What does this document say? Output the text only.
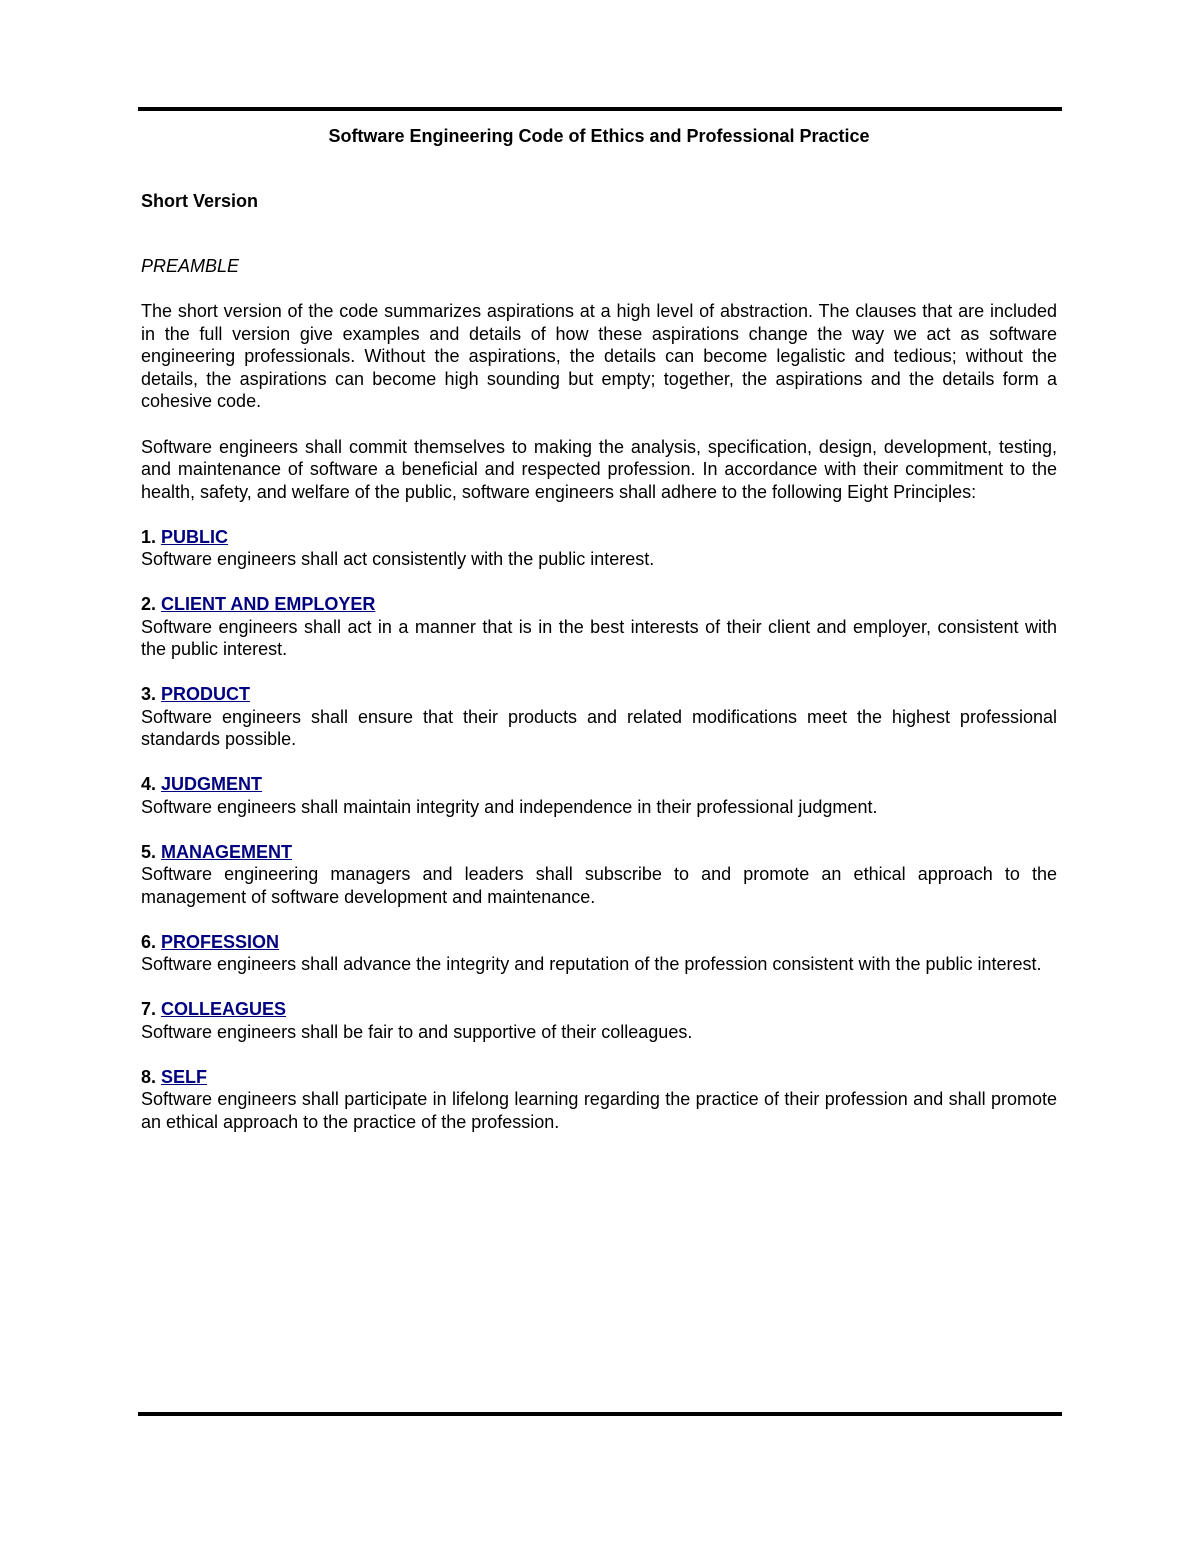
Software Engineering Code of Ethics and Professional Practice
Short Version
PREAMBLE
The short version of the code summarizes aspirations at a high level of abstraction. The clauses that are included in the full version give examples and details of how these aspirations change the way we act as software engineering professionals. Without the aspirations, the details can become legalistic and tedious; without the details, the aspirations can become high sounding but empty; together, the aspirations and the details form a cohesive code.
Software engineers shall commit themselves to making the analysis, specification, design, development, testing, and maintenance of software a beneficial and respected profession. In accordance with their commitment to the health, safety, and welfare of the public, software engineers shall adhere to the following Eight Principles:
1. PUBLIC
Software engineers shall act consistently with the public interest.
2. CLIENT AND EMPLOYER
Software engineers shall act in a manner that is in the best interests of their client and employer, consistent with the public interest.
3. PRODUCT
Software engineers shall ensure that their products and related modifications meet the highest professional standards possible.
4. JUDGMENT
Software engineers shall maintain integrity and independence in their professional judgment.
5. MANAGEMENT
Software engineering managers and leaders shall subscribe to and promote an ethical approach to the management of software development and maintenance.
6. PROFESSION
Software engineers shall advance the integrity and reputation of the profession consistent with the public interest.
7. COLLEAGUES
Software engineers shall be fair to and supportive of their colleagues.
8. SELF
Software engineers shall participate in lifelong learning regarding the practice of their profession and shall promote an ethical approach to the practice of the profession.
